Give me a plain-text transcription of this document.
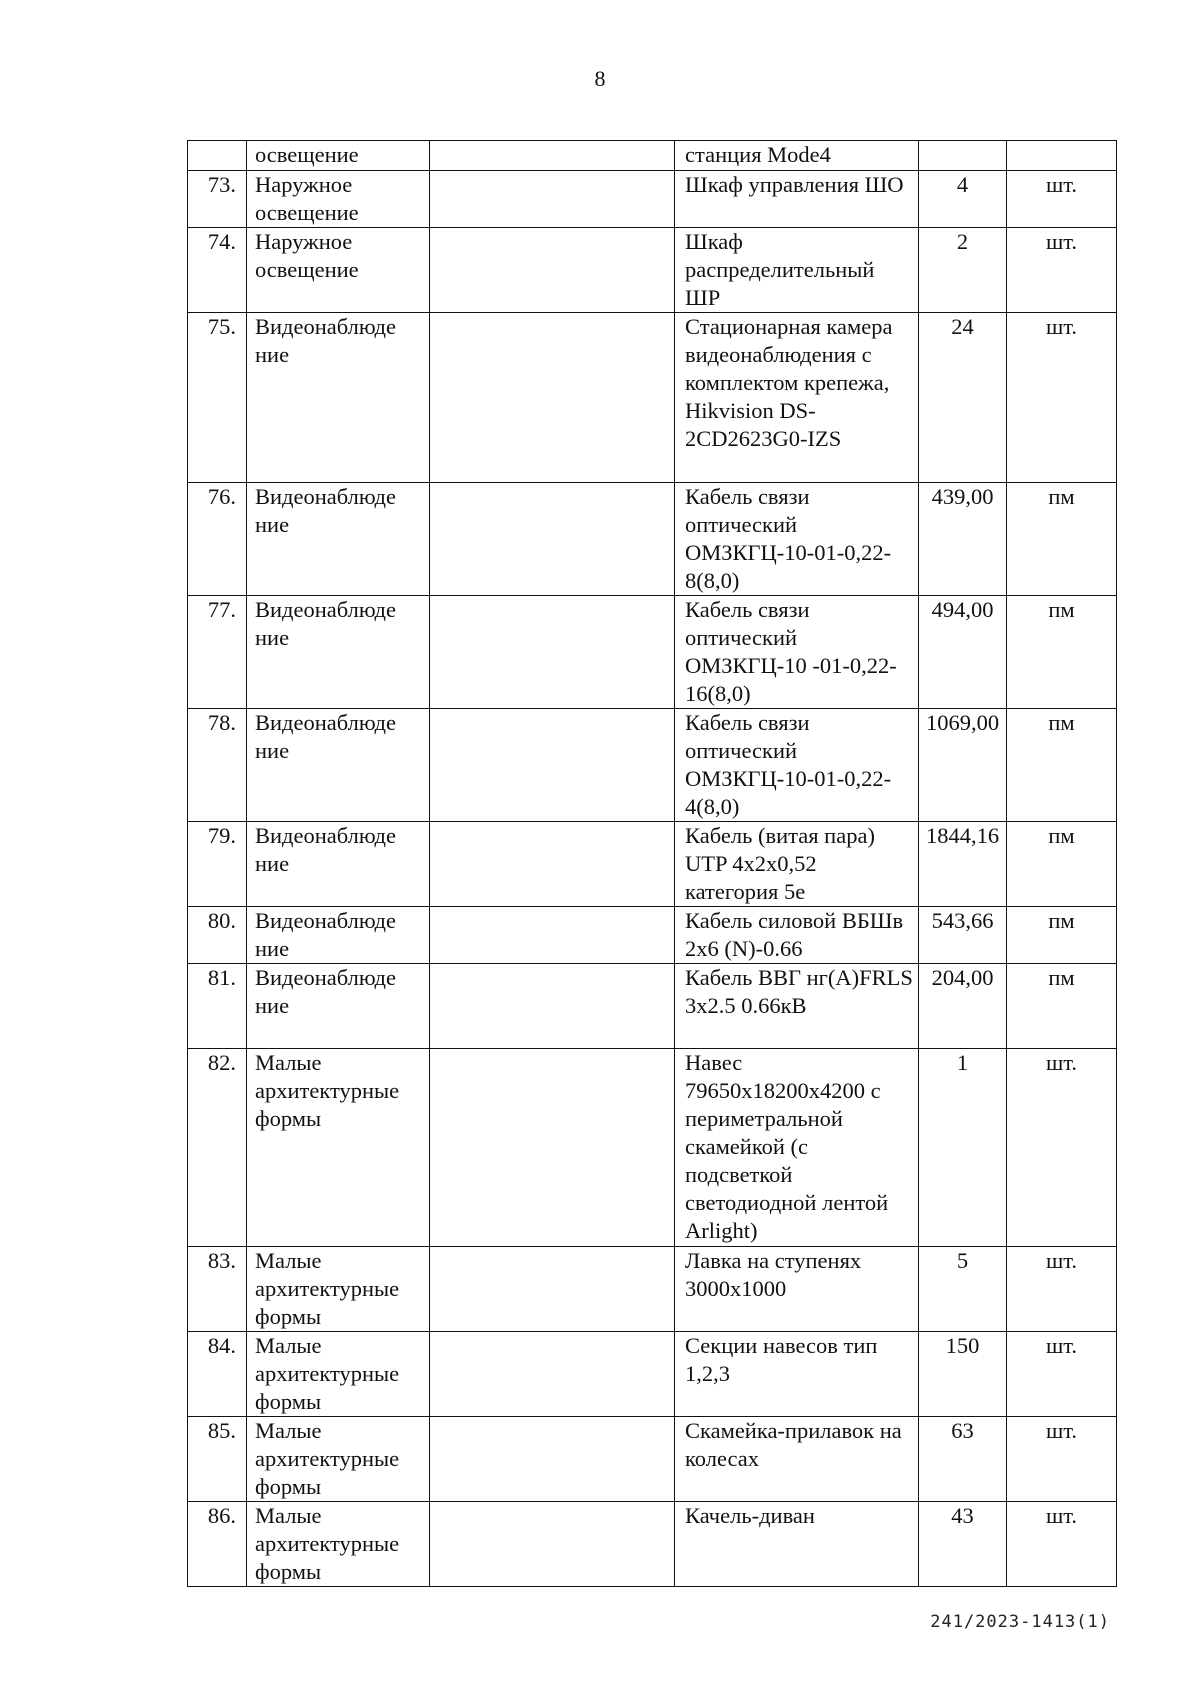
8
	освещение		станция Mode4		
73.	Наружное освещение		Шкаф управления ШО	4	шт.
74.	Наружное освещение		Шкаф распределительный ШР	2	шт.
75.	Видеонаблюде ние		Стационарная камера видеонаблюдения с комплектом крепежа, Hikvision DS-2CD2623G0-IZS	24	шт.
76.	Видеонаблюде ние		Кабель связи оптический ОМЗКГЦ-10-01-0,22-8(8,0)	439,00	пм
77.	Видеонаблюде ние		Кабель связи оптический ОМЗКГЦ-10 -01-0,22-16(8,0)	494,00	пм
78.	Видеонаблюде ние		Кабель связи оптический ОМЗКГЦ-10-01-0,22-4(8,0)	1069,00	пм
79.	Видеонаблюде ние		Кабель (витая пара) UTP 4x2x0,52 категория 5е	1844,16	пм
80.	Видеонаблюде ние		Кабель силовой ВБШв 2х6 (N)-0.66	543,66	пм
81.	Видеонаблюде ние		Кабель ВВГ нг(А)FRLS 3x2.5 0.66кВ	204,00	пм
82.	Малые архитектурные формы		Навес 79650х18200х4200 с периметральной скамейкой (с подсветкой светодиодной лентой Arlight)	1	шт.
83.	Малые архитектурные формы		Лавка на ступенях 3000х1000	5	шт.
84.	Малые архитектурные формы		Секции навесов тип 1,2,3	150	шт.
85.	Малые архитектурные формы		Скамейка-прилавок на колесах	63	шт.
86.	Малые архитектурные формы		Качель-диван	43	шт.
241/2023-1413(1)
